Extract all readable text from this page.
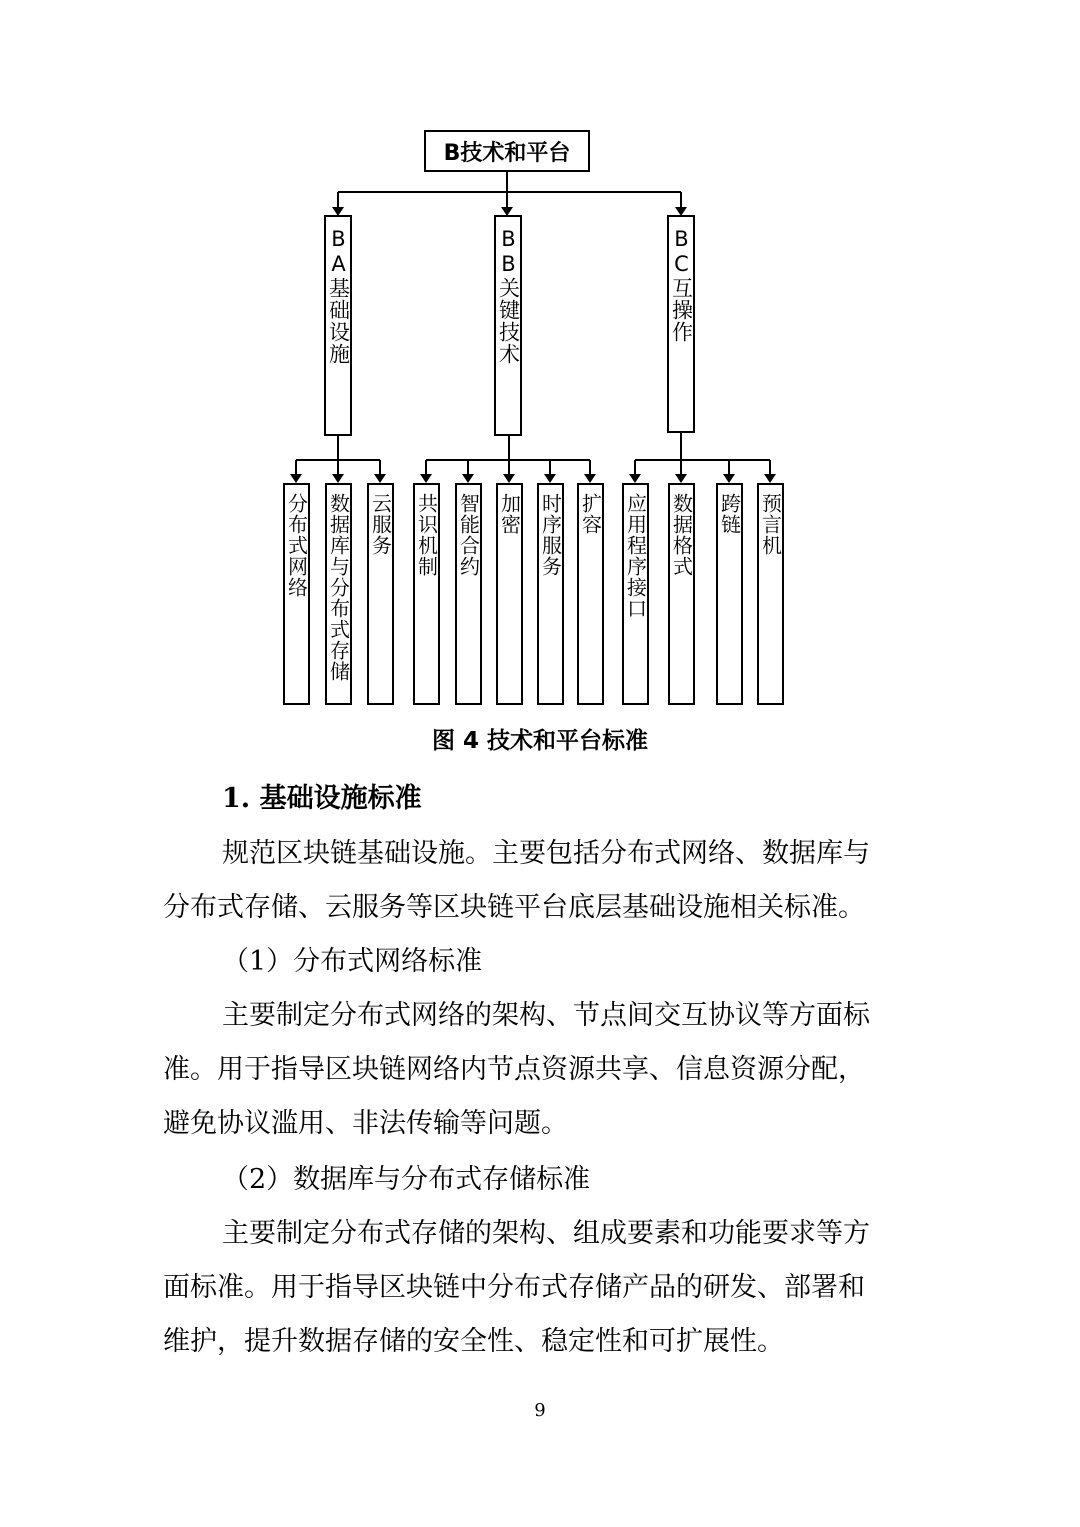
B技术和平台
BA基础设施	BB关键技术	BC互操作
分布式网络 数据库与分布式存储 云服务 共识机制 智能合约 加密 时序服务 扩容 应用程序接口 数据格式 跨链 预言机
图 4 技术和平台标准

1. 基础设施标准

规范区块链基础设施。主要包括分布式网络、数据库与

分布式存储、云服务等区块链平台底层基础设施相关标准。

（1）分布式网络标准

主要制定分布式网络的架构、节点间交互协议等方面标

准。用于指导区块链网络内节点资源共享、信息资源分配，

避免协议滥用、非法传输等问题。

（2）数据库与分布式存储标准

主要制定分布式存储的架构、组成要素和功能要求等方

面标准。用于指导区块链中分布式存储产品的研发、部署和

维护，提升数据存储的安全性、稳定性和可扩展性。

9
